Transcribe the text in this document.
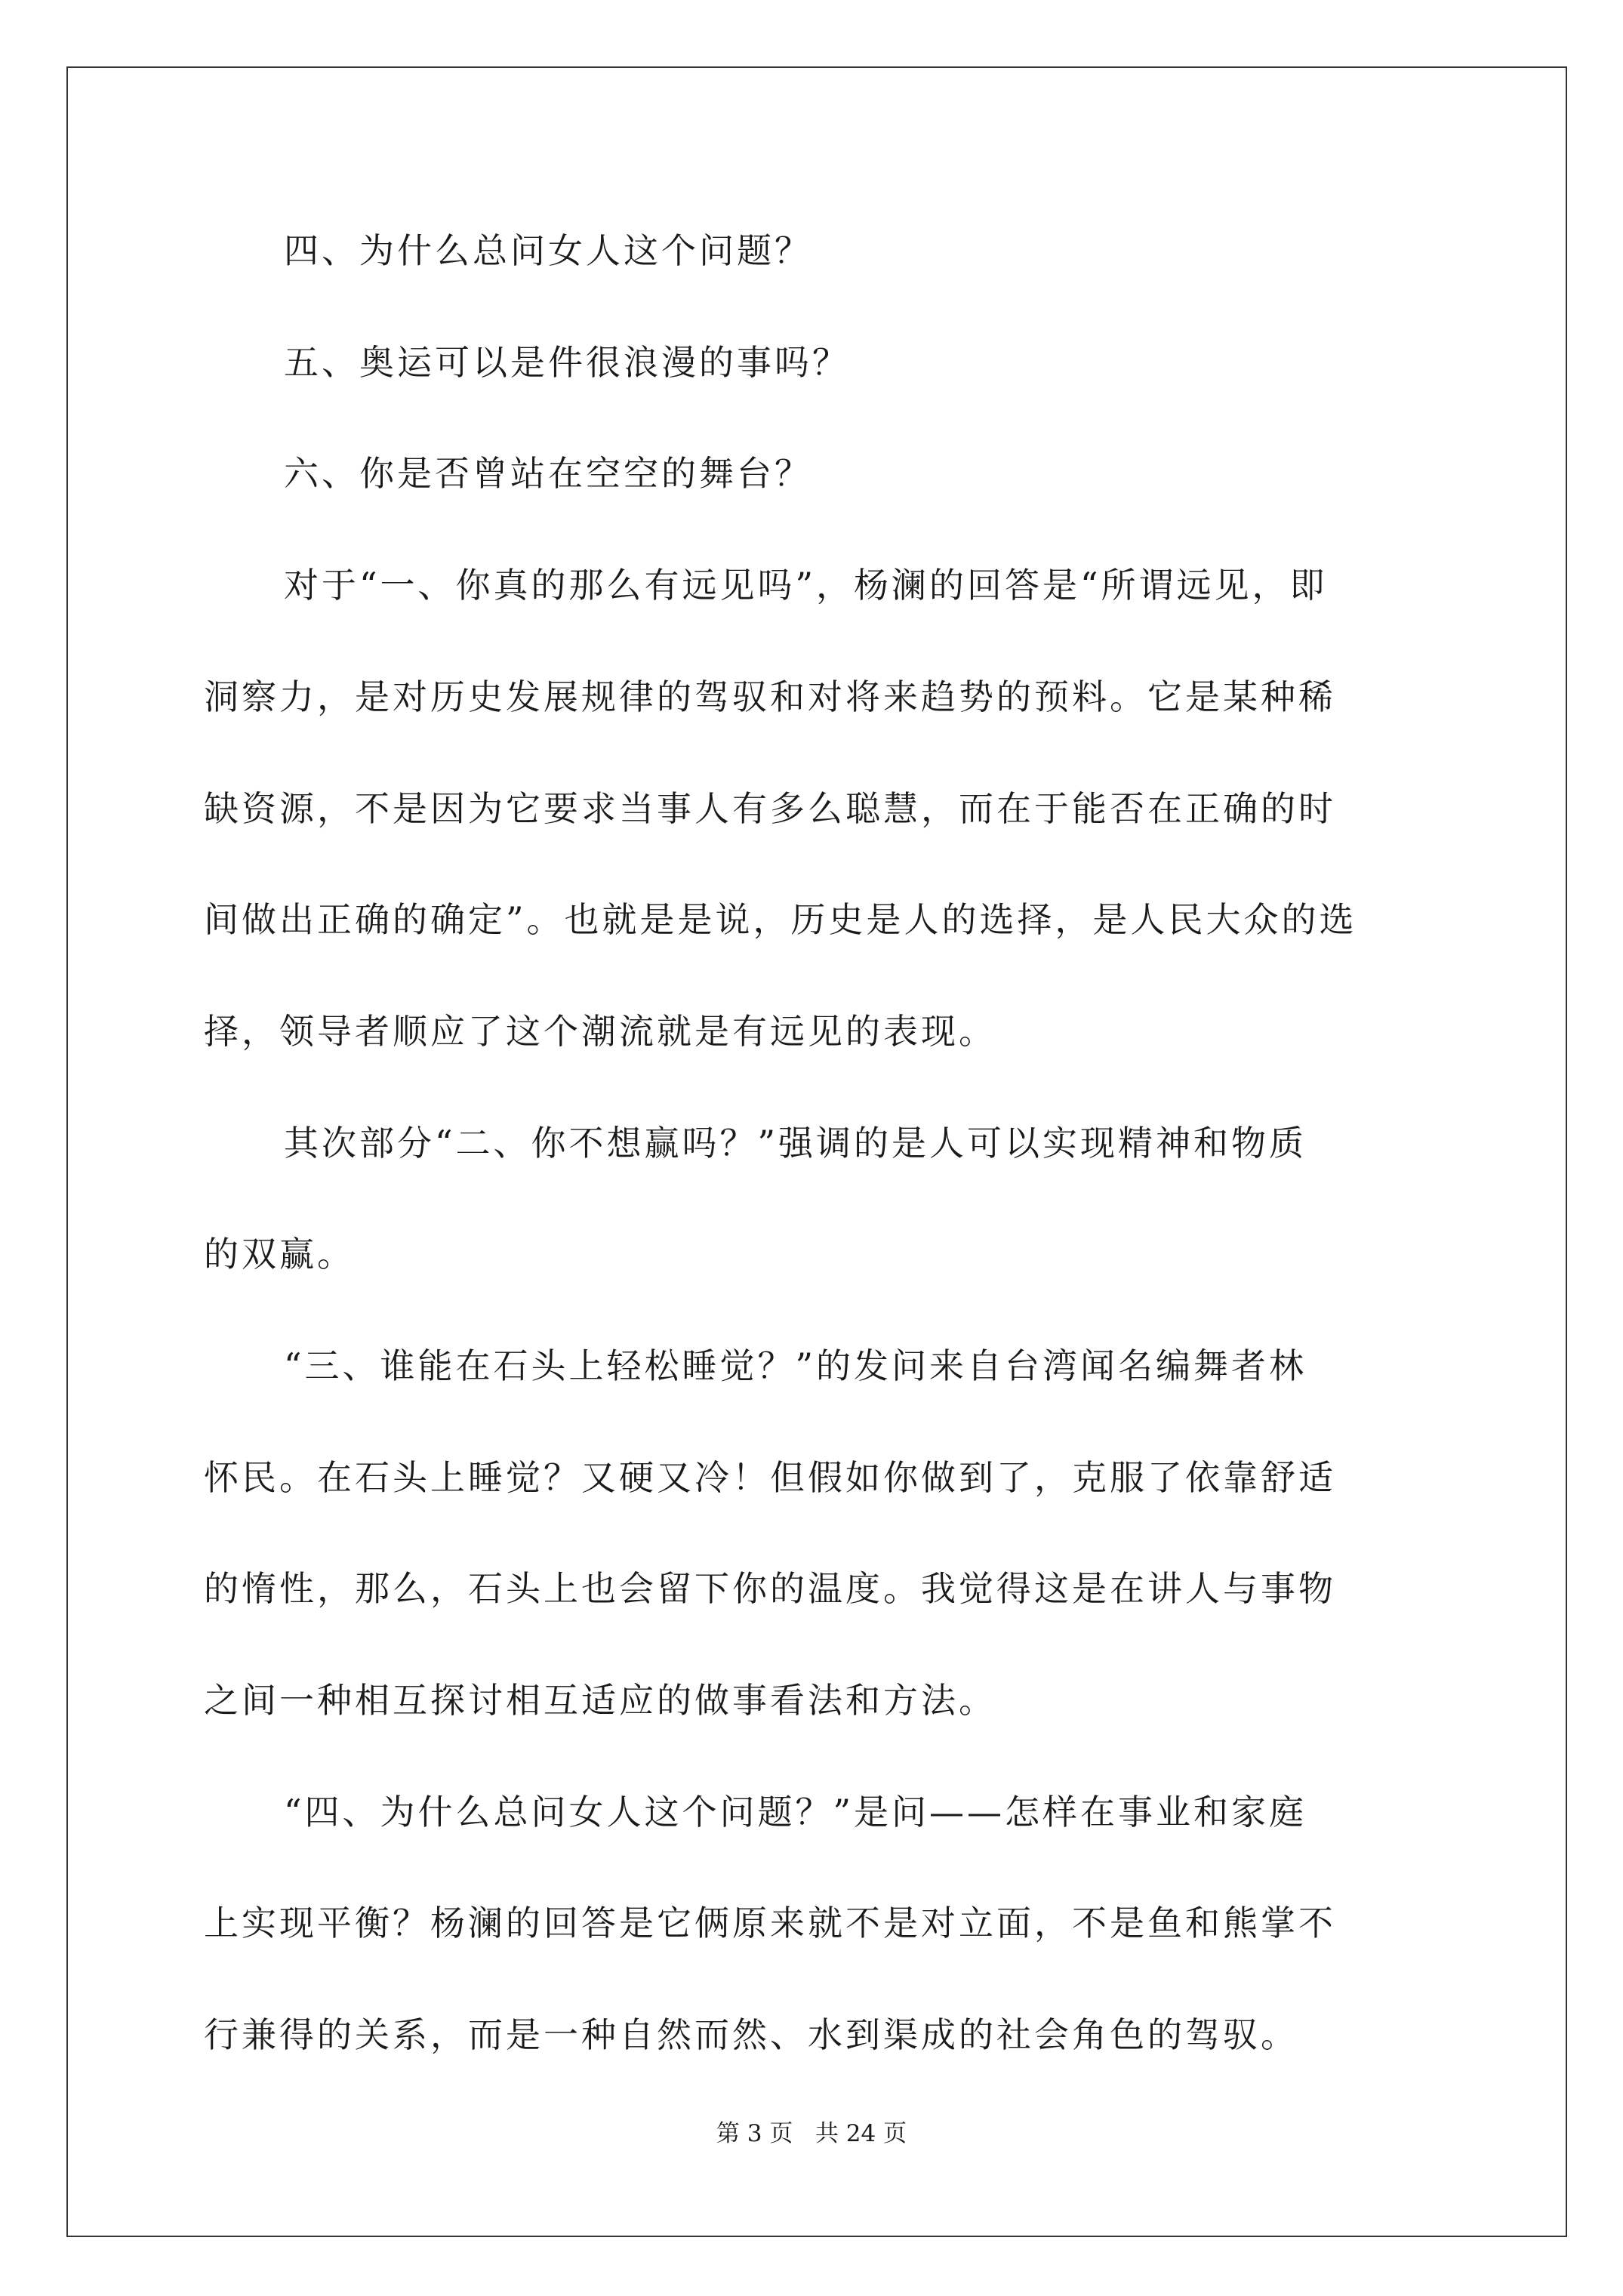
四、为什么总问女人这个问题？

五、奥运可以是件很浪漫的事吗？

六、你是否曾站在空空的舞台？

对于“一、你真的那么有远见吗”，杨澜的回答是“所谓远见，即

洞察力，是对历史发展规律的驾驭和对将来趋势的预料。它是某种稀

缺资源，不是因为它要求当事人有多么聪慧，而在于能否在正确的时

间做出正确的确定”。也就是是说，历史是人的选择，是人民大众的选

择，领导者顺应了这个潮流就是有远见的表现。

其次部分“二、你不想赢吗？”强调的是人可以实现精神和物质

的双赢。

“三、谁能在石头上轻松睡觉？”的发问来自台湾闻名编舞者林

怀民。在石头上睡觉？又硬又冷！但假如你做到了，克服了依靠舒适

的惰性，那么，石头上也会留下你的温度。我觉得这是在讲人与事物

之间一种相互探讨相互适应的做事看法和方法。

“四、为什么总问女人这个问题？”是问——怎样在事业和家庭

上实现平衡？杨澜的回答是它俩原来就不是对立面，不是鱼和熊掌不

行兼得的关系，而是一种自然而然、水到渠成的社会角色的驾驭。

第 3 页   共 24 页
